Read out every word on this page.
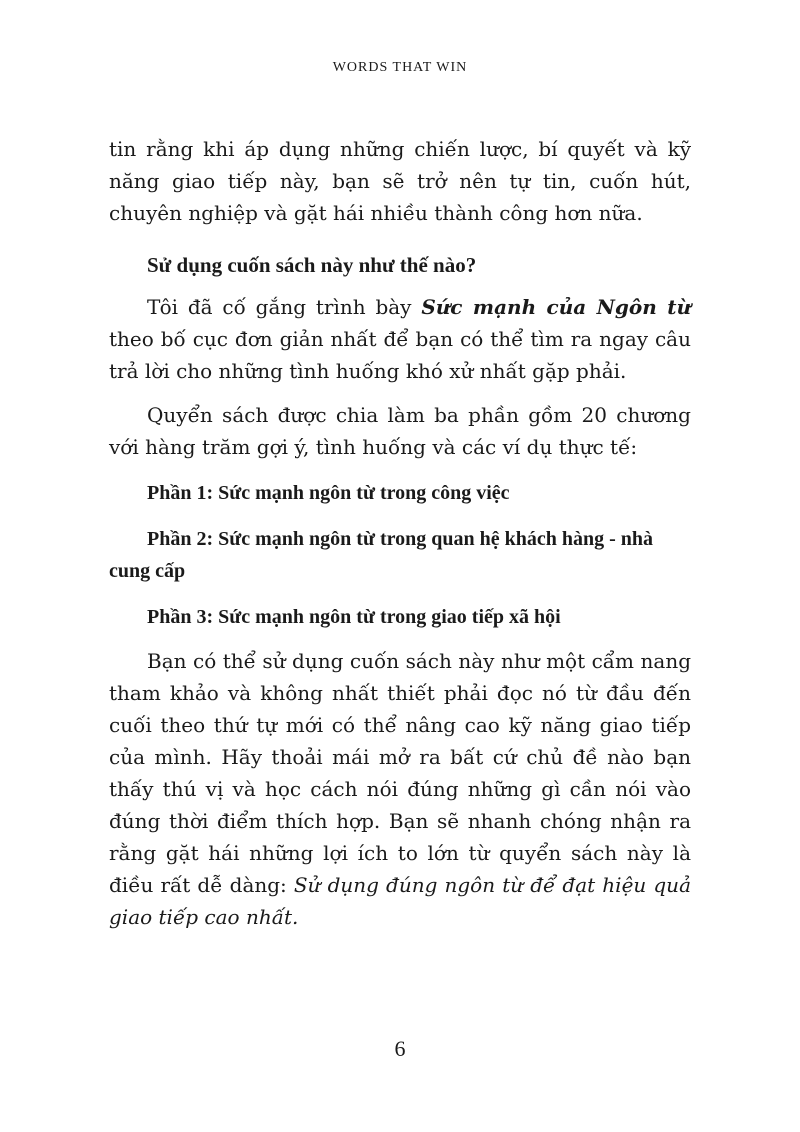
WORDS THAT WIN

tin rằng khi áp dụng những chiến lược, bí quyết và kỹ năng giao tiếp này, bạn sẽ trở nên tự tin, cuốn hút, chuyên nghiệp và gặt hái nhiều thành công hơn nữa.

Sử dụng cuốn sách này như thế nào?

Tôi đã cố gắng trình bày Sức mạnh của Ngôn từ theo bố cục đơn giản nhất để bạn có thể tìm ra ngay câu trả lời cho những tình huống khó xử nhất gặp phải.

Quyển sách được chia làm ba phần gồm 20 chương với hàng trăm gợi ý, tình huống và các ví dụ thực tế:

Phần 1: Sức mạnh ngôn từ trong công việc

Phần 2: Sức mạnh ngôn từ trong quan hệ khách hàng - nhà cung cấp

Phần 3: Sức mạnh ngôn từ trong giao tiếp xã hội

Bạn có thể sử dụng cuốn sách này như một cẩm nang tham khảo và không nhất thiết phải đọc nó từ đầu đến cuối theo thứ tự mới có thể nâng cao kỹ năng giao tiếp của mình. Hãy thoải mái mở ra bất cứ chủ đề nào bạn thấy thú vị và học cách nói đúng những gì cần nói vào đúng thời điểm thích hợp. Bạn sẽ nhanh chóng nhận ra rằng gặt hái những lợi ích to lớn từ quyển sách này là điều rất dễ dàng: Sử dụng đúng ngôn từ để đạt hiệu quả giao tiếp cao nhất.

6
